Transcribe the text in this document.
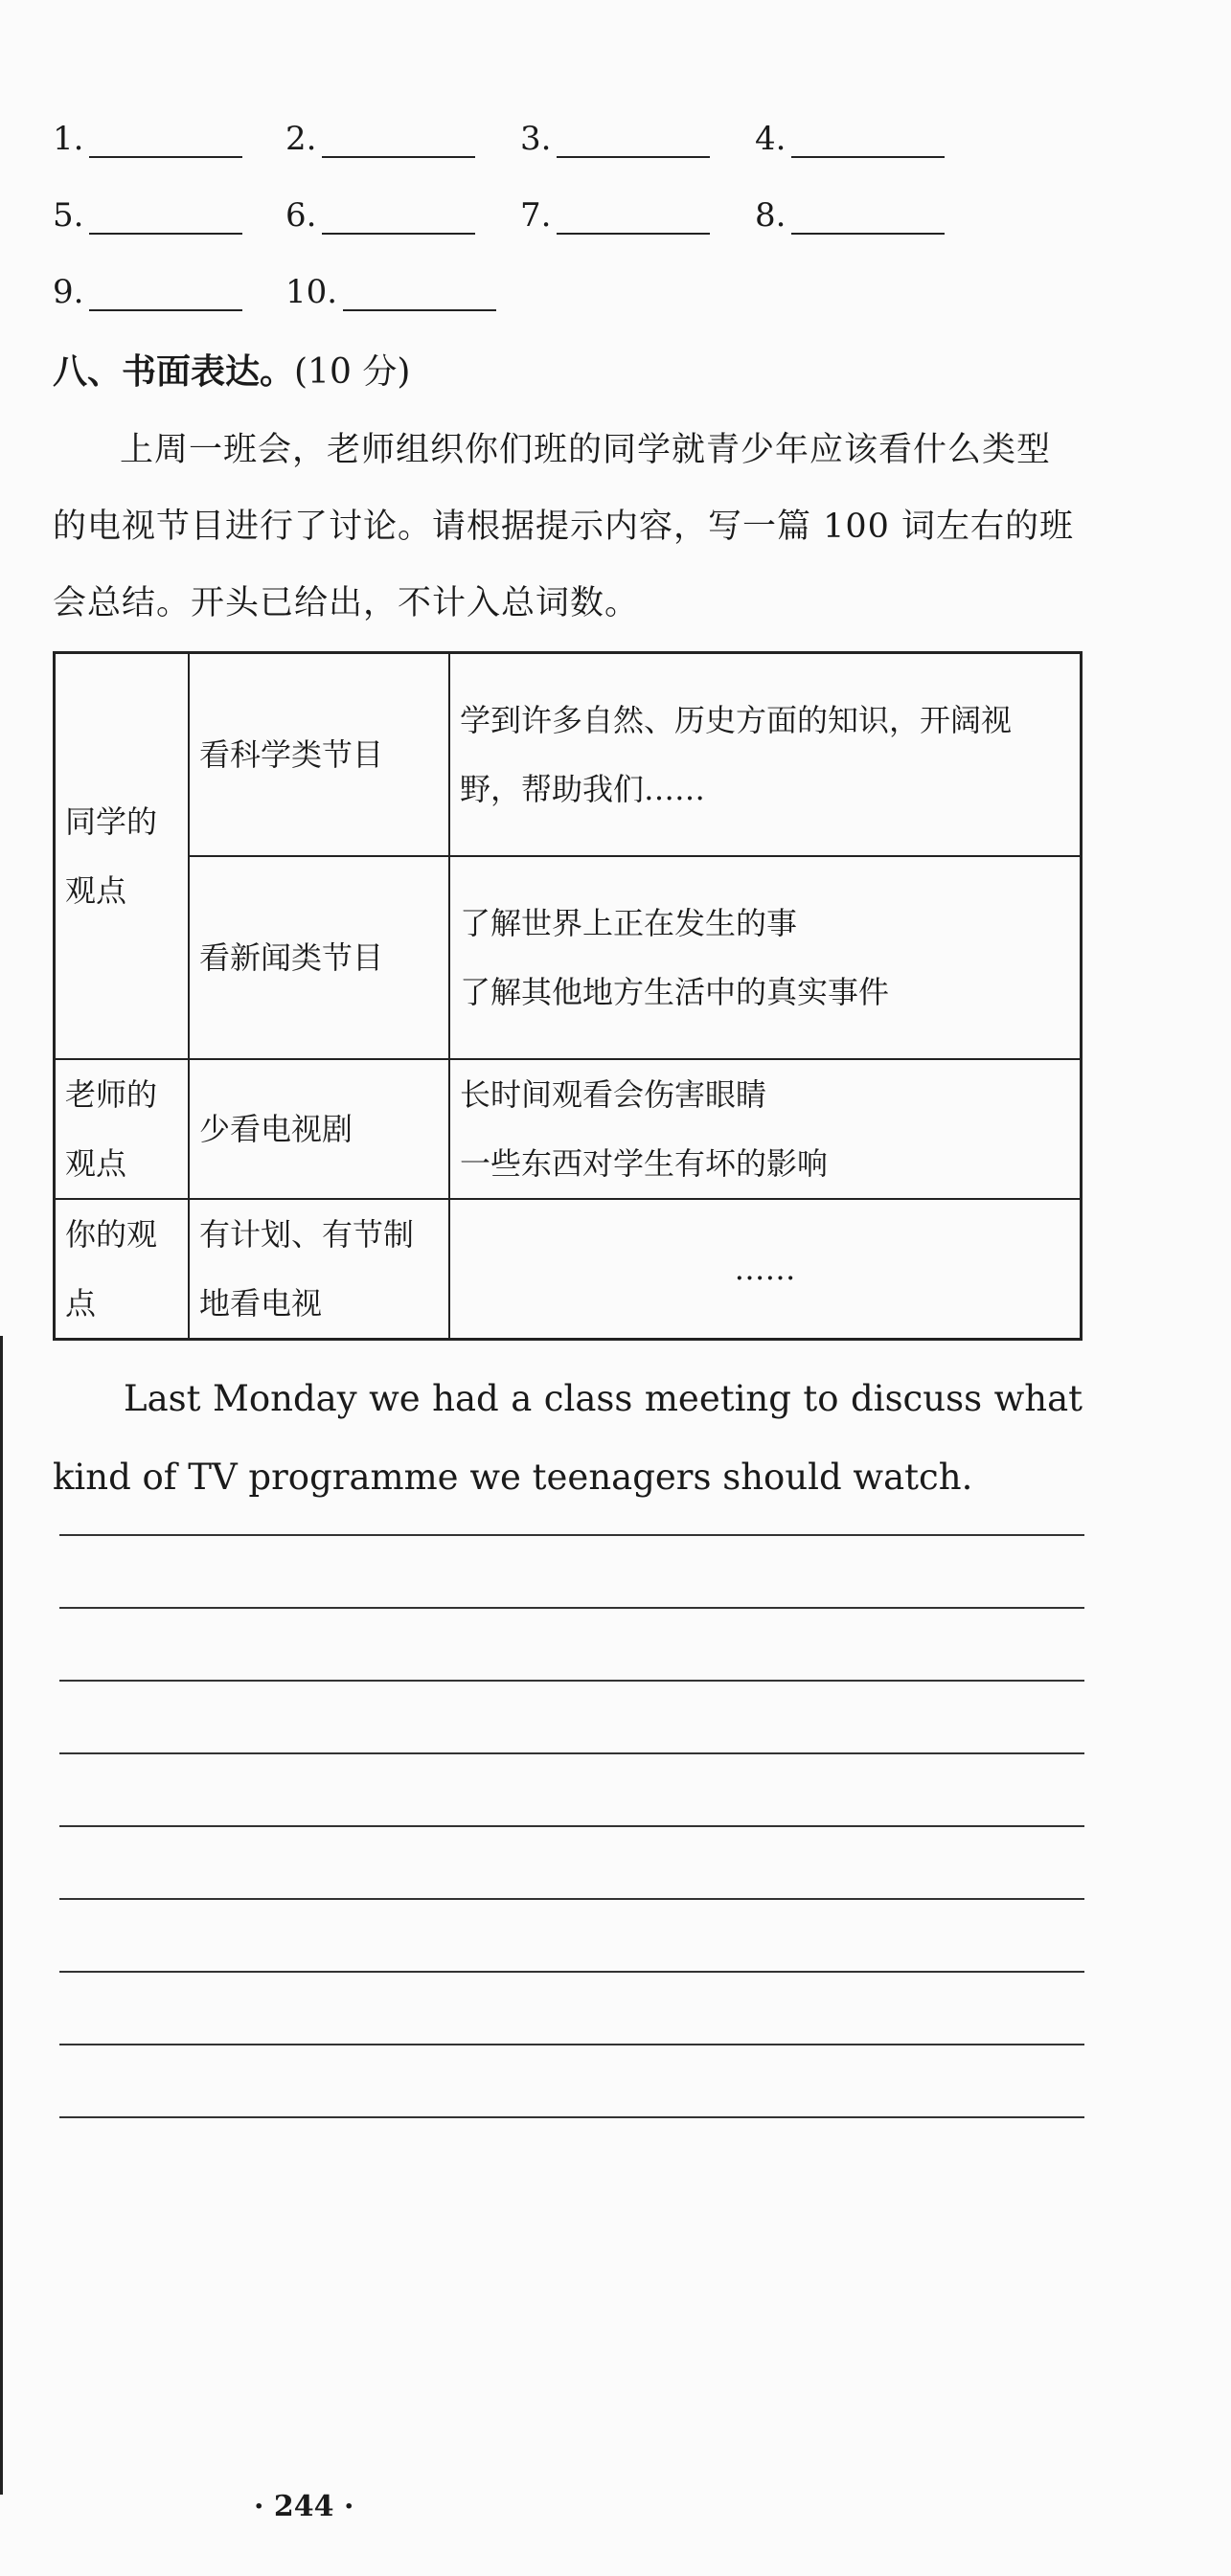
1.	2.	3.	4.
5.	6.	7.	8.
9.	10.
八、书面表达。(10 分)
上周一班会，老师组织你们班的同学就青少年应该看什么类型的电视节目进行了讨论。请根据提示内容，写一篇 100 词左右的班会总结。开头已给出，不计入总词数。
同学的观点	看科学类节目	学到许多自然、历史方面的知识，开阔视野，帮助我们……
	看新闻类节目	了解世界上正在发生的事
了解其他地方生活中的真实事件

老师的观点	少看电视剧	长时间观看会伤害眼睛
一些东西对学生有坏的影响

你的观点	有计划、有节制地看电视	……
Last Monday we had a class meeting to discuss what kind of TV programme we teenagers should watch.
· 244 ·
